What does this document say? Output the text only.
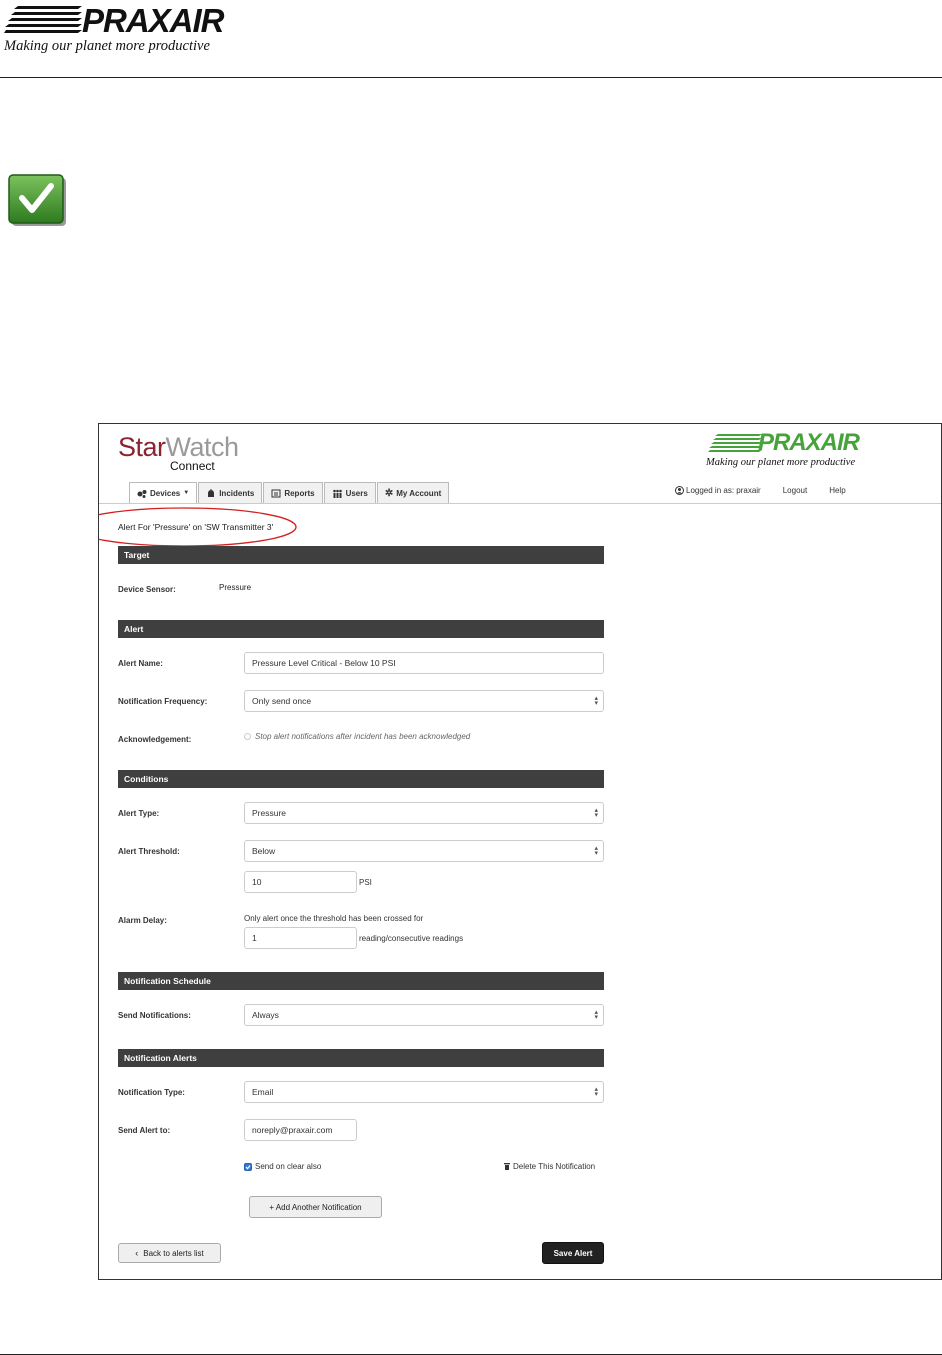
PRAXAIR
Making our planet more productive
StarWatch
Connect
PRAXAIR
Making our planet more productive
Devices ▼	Incidents	Reports	Users ✲ My Account	Logged in as: praxair	Logout	Help
Alert For 'Pressure' on 'SW Transmitter 3'
Target
Device Sensor:	Pressure
Alert
Alert Name:	Pressure Level Critical - Below 10 PSI
Notification Frequency:	Only send once	▴
▾
Acknowledgement:	Stop alert notifications after incident has been acknowledged
Conditions
Alert Type:	Pressure	▴
▾
Alert Threshold:	Below	▴
▾
10	PSI
Alarm Delay:	Only alert once the threshold has been crossed for
1	reading/consecutive readings
Notification Schedule
Send Notifications:	Always	▴
▾
Notification Alerts
Notification Type:	Email	▴
▾
Send Alert to:	noreply@praxair.com
Send on clear also	Delete This Notification
+ Add Another Notification
‹ Back to alerts list	Save Alert
